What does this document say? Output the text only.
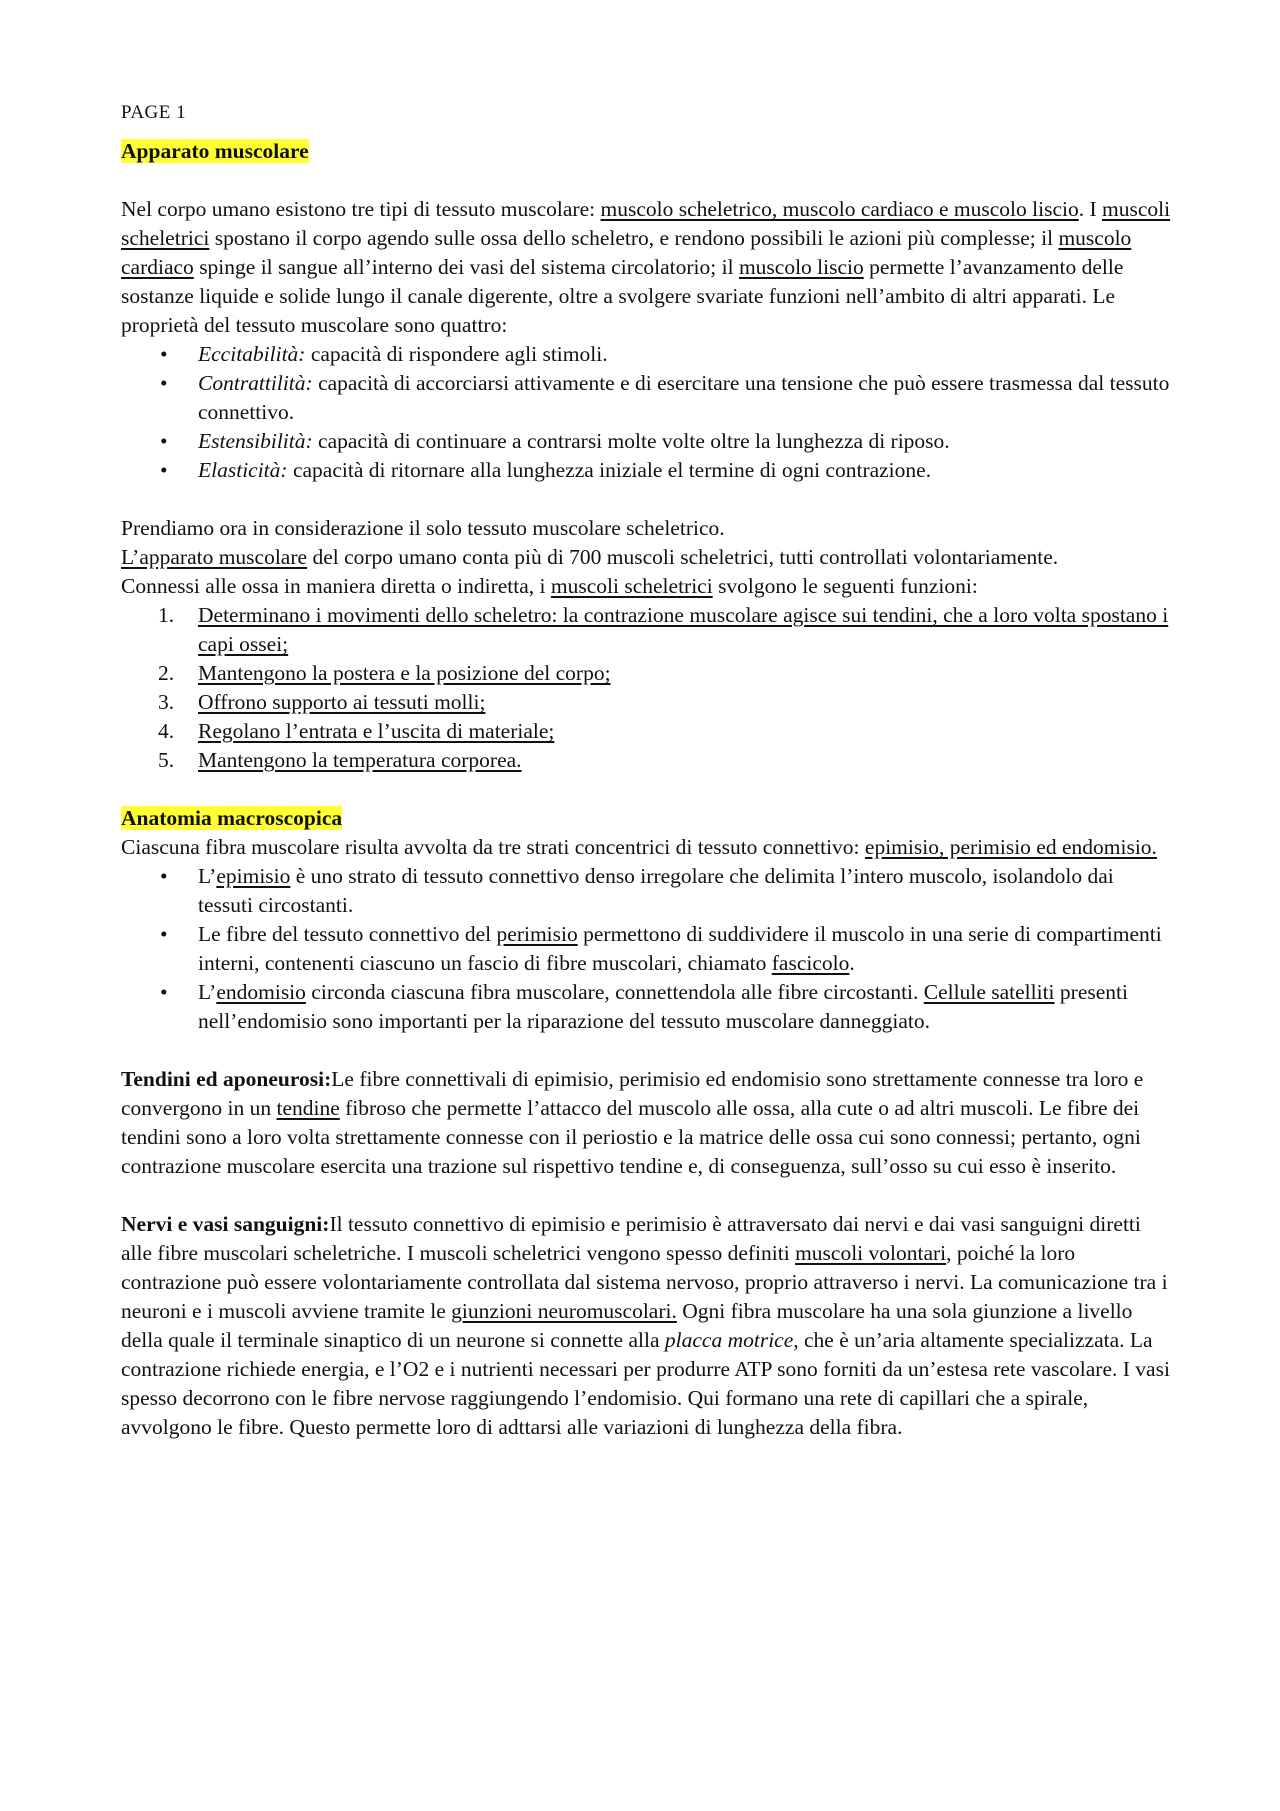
PAGE 1
Apparato muscolare

Nel corpo umano esistono tre tipi di tessuto muscolare: muscolo scheletrico, muscolo cardiaco e muscolo liscio. I muscoli scheletrici spostano il corpo agendo sulle ossa dello scheletro, e rendono possibili le azioni più complesse; il muscolo cardiaco spinge il sangue all’interno dei vasi del sistema circolatorio; il muscolo liscio permette l’avanzamento delle sostanze liquide e solide lungo il canale digerente, oltre a svolgere svariate funzioni nell’ambito di altri apparati. Le proprietà del tessuto muscolare sono quattro:

• Eccitabilità: capacità di rispondere agli stimoli.
• Contrattilità: capacità di accorciarsi attivamente e di esercitare una tensione che può essere trasmessa dal tessuto connettivo.
• Estensibilità: capacità di continuare a contrarsi molte volte oltre la lunghezza di riposo.
• Elasticità: capacità di ritornare alla lunghezza iniziale el termine di ogni contrazione.

Prendiamo ora in considerazione il solo tessuto muscolare scheletrico.

L’apparato muscolare del corpo umano conta più di 700 muscoli scheletrici, tutti controllati volontariamente.

Connessi alle ossa in maniera diretta o indiretta, i muscoli scheletrici svolgono le seguenti funzioni:

1. Determinano i movimenti dello scheletro: la contrazione muscolare agisce sui tendini, che a loro volta spostano i capi ossei;
2. Mantengono la postera e la posizione del corpo;
3. Offrono supporto ai tessuti molli;
4. Regolano l’entrata e l’uscita di materiale;
5. Mantengono la temperatura corporea.
Anatomia macroscopica

Ciascuna fibra muscolare risulta avvolta da tre strati concentrici di tessuto connettivo: epimisio, perimisio ed endomisio.

• L’epimisio è uno strato di tessuto connettivo denso irregolare che delimita l’intero muscolo, isolandolo dai tessuti circostanti.
• Le fibre del tessuto connettivo del perimisio permettono di suddividere il muscolo in una serie di compartimenti interni, contenenti ciascuno un fascio di fibre muscolari, chiamato fascicolo.
• L’endomisio circonda ciascuna fibra muscolare, connettendola alle fibre circostanti. Cellule satelliti presenti nell’endomisio sono importanti per la riparazione del tessuto muscolare danneggiato.

Tendini ed aponeurosi:Le fibre connettivali di epimisio, perimisio ed endomisio sono strettamente connesse tra loro e convergono in un tendine fibroso che permette l’attacco del muscolo alle ossa, alla cute o ad altri muscoli. Le fibre dei tendini sono a loro volta strettamente connesse con il periostio e la matrice delle ossa cui sono connessi; pertanto, ogni contrazione muscolare esercita una trazione sul rispettivo tendine e, di conseguenza, sull’osso su cui esso è inserito.

Nervi e vasi sanguigni:Il tessuto connettivo di epimisio e perimisio è attraversato dai nervi e dai vasi sanguigni diretti alle fibre muscolari scheletriche. I muscoli scheletrici vengono spesso definiti muscoli volontari, poiché la loro contrazione può essere volontariamente controllata dal sistema nervoso, proprio attraverso i nervi. La comunicazione tra i neuroni e i muscoli avviene tramite le giunzioni neuromuscolari. Ogni fibra muscolare ha una sola giunzione a livello della quale il terminale sinaptico di un neurone si connette alla placca motrice, che è un’aria altamente specializzata. La contrazione richiede energia, e l’O2 e i nutrienti necessari per produrre ATP sono forniti da un’estesa rete vascolare. I vasi spesso decorrono con le fibre nervose raggiungendo l’endomisio. Qui formano una rete di capillari che a spirale, avvolgono le fibre. Questo permette loro di adttarsi alle variazioni di lunghezza della fibra.
